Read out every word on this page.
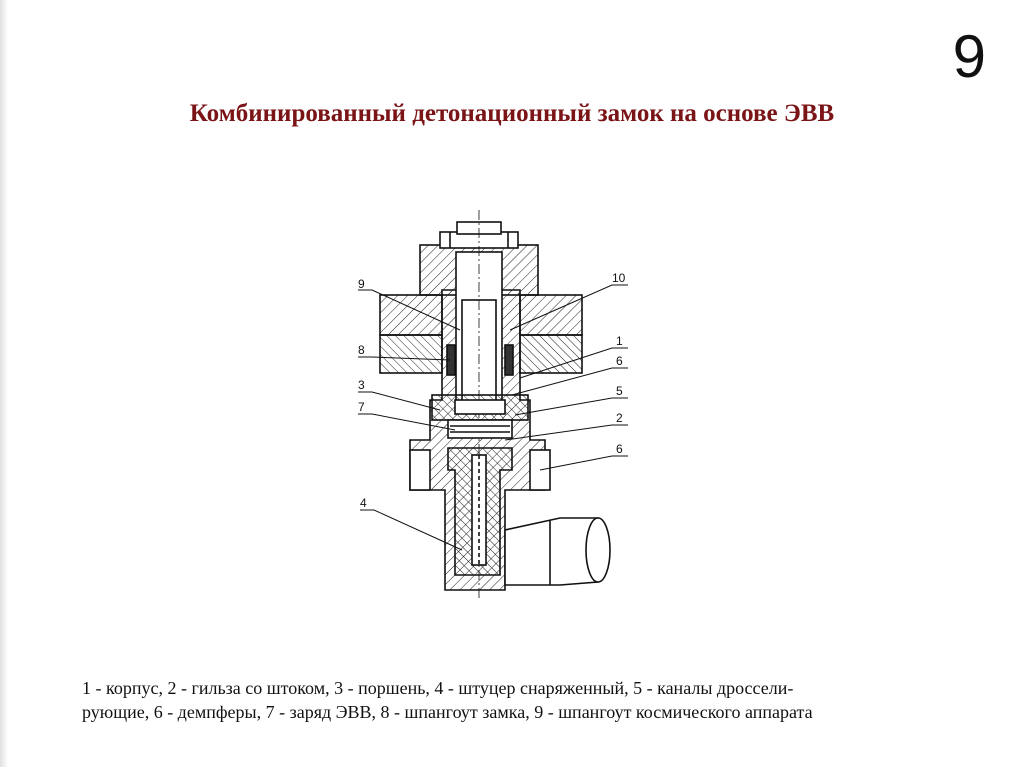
9
Комбинированный детонационный замок на основе ЭВВ
9
8
3
7
4
10
1
6
5
2
6
1 - корпус, 2 - гильза со штоком, 3 - поршень, 4 - штуцер снаряженный, 5 - каналы дроссели-
рующие, 6 - демпферы, 7 - заряд ЭВВ, 8 - шпангоут замка, 9 - шпангоут космического аппарата
